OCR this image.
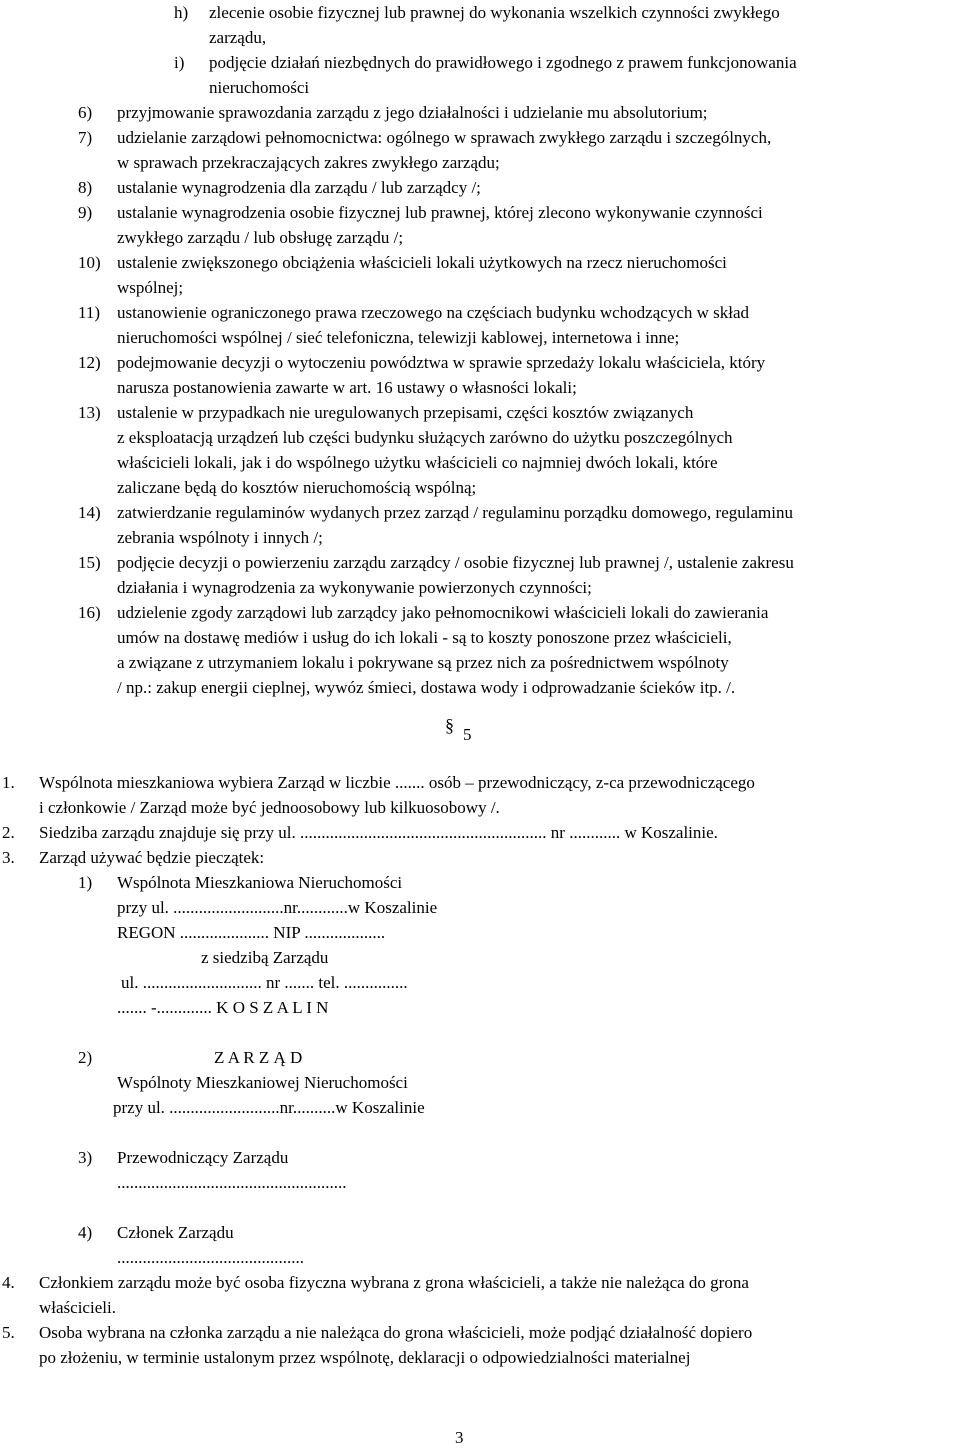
h) zlecenie osobie fizycznej lub prawnej do wykonania wszelkich czynności zwykłego
zarządu,
i) podjęcie działań niezbędnych do prawidłowego i zgodnego z prawem funkcjonowania
nieruchomości
6) przyjmowanie sprawozdania zarządu z jego działalności i udzielanie mu absolutorium;
7) udzielanie zarządowi pełnomocnictwa: ogólnego w sprawach zwykłego zarządu i szczególnych,
w sprawach przekraczających zakres zwykłego zarządu;
8) ustalanie wynagrodzenia dla zarządu / lub zarządcy /;
9) ustalanie wynagrodzenia osobie fizycznej lub prawnej, której zlecono wykonywanie czynności
zwykłego zarządu / lub obsługę zarządu /;
10) ustalenie zwiększonego obciążenia właścicieli lokali użytkowych na rzecz nieruchomości
wspólnej;
11) ustanowienie ograniczonego prawa rzeczowego na częściach budynku wchodzących w skład
nieruchomości wspólnej / sieć telefoniczna, telewizji kablowej, internetowa i inne;
12) podejmowanie decyzji o wytoczeniu powództwa w sprawie sprzedaży lokalu właściciela, który
narusza postanowienia zawarte w art. 16 ustawy o własności lokali;
13) ustalenie w przypadkach nie uregulowanych przepisami, części kosztów związanych
z eksploatacją urządzeń lub części budynku służących zarówno do użytku poszczególnych
właścicieli lokali, jak i do wspólnego użytku właścicieli co najmniej dwóch lokali, które
zaliczane będą do kosztów nieruchomością wspólną;
14) zatwierdzanie regulaminów wydanych przez zarząd / regulaminu porządku domowego, regulaminu
zebrania wspólnoty i innych /;
15) podjęcie decyzji o powierzeniu zarządu zarządcy / osobie fizycznej lub prawnej /, ustalenie zakresu
działania i wynagrodzenia za wykonywanie powierzonych czynności;
16) udzielenie zgody zarządowi lub zarządcy jako pełnomocnikowi właścicieli lokali do zawierania
umów na dostawę mediów i usług do ich lokali - są to koszty ponoszone przez właścicieli,
a związane z utrzymaniem lokalu i pokrywane są przez nich za pośrednictwem wspólnoty
/ np.: zakup energii cieplnej, wywóz śmieci, dostawa wody i odprowadzanie ścieków itp. /.
§ 5
1. Wspólnota mieszkaniowa wybiera Zarząd w liczbie ....... osób – przewodniczący, z-ca przewodniczącego
i członkowie / Zarząd może być jednoosobowy lub kilkuosobowy /.
2. Siedziba zarządu znajduje się przy ul. .......................................................... nr ............ w Koszalinie.
3. Zarząd używać będzie pieczątek:
1) Wspólnota Mieszkaniowa Nieruchomości
przy ul. ..........................nr............w Koszalinie
REGON ..................... NIP ...................
z siedzibą Zarządu
ul. ............................ nr ....... tel. ...............
....... -............. K O S Z A L I N
2)	Z A R Z Ą D
Wspólnoty Mieszkaniowej Nieruchomości
przy ul. ..........................nr..........w Koszalinie
3) Przewodniczący Zarządu
......................................................
4) Członek Zarządu
............................................
4. Członkiem zarządu może być osoba fizyczna wybrana z grona właścicieli, a także nie należąca do grona
właścicieli.
5. Osoba wybrana na członka zarządu a nie należąca do grona właścicieli, może podjąć działalność dopiero
po złożeniu, w terminie ustalonym przez wspólnotę, deklaracji o odpowiedzialności materialnej
3
